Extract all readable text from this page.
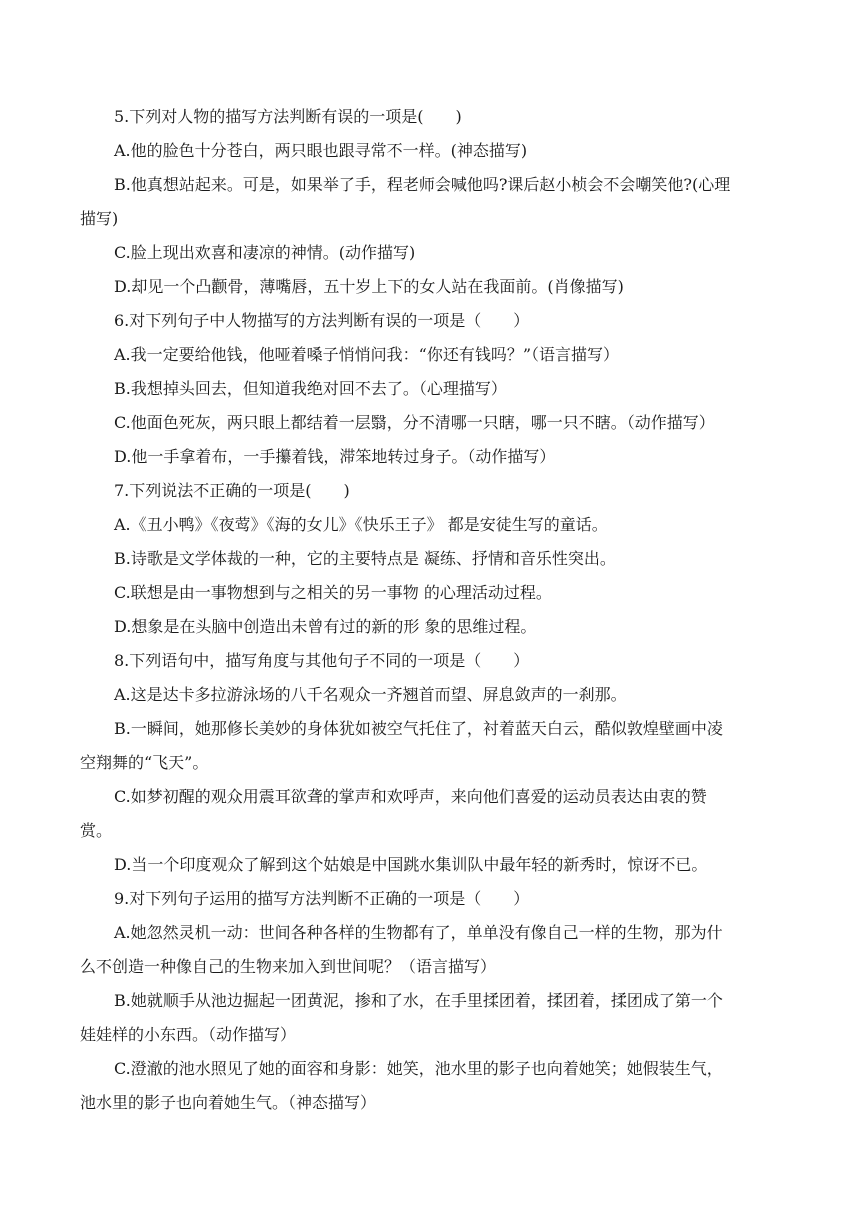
5.下列对人物的描写方法判断有误的一项是(　　)
A.他的脸色十分苍白，两只眼也跟寻常不一样。(神态描写)
B.他真想站起来。可是，如果举了手，程老师会喊他吗?课后赵小桢会不会嘲笑他?(心理
描写)
C.脸上现出欢喜和凄凉的神情。(动作描写)
D.却见一个凸颧骨，薄嘴唇，五十岁上下的女人站在我面前。(肖像描写)
6.对下列句子中人物描写的方法判断有误的一项是（　　）
A.我一定要给他钱，他哑着嗓子悄悄问我：“你还有钱吗？”（语言描写）
B.我想掉头回去，但知道我绝对回不去了。（心理描写）
C.他面色死灰，两只眼上都结着一层翳，分不清哪一只瞎，哪一只不瞎。（动作描写）
D.他一手拿着布，一手攥着钱，滞笨地转过身子。（动作描写）
7.下列说法不正确的一项是(　　)
A.《丑小鸭》《夜莺》《海的女儿》《快乐王子》 都是安徒生写的童话。
B.诗歌是文学体裁的一种，它的主要特点是 凝练、抒情和音乐性突出。
C.联想是由一事物想到与之相关的另一事物 的心理活动过程。
D.想象是在头脑中创造出未曾有过的新的形 象的思维过程。
8.下列语句中，描写角度与其他句子不同的一项是（　　）
A.这是达卡多拉游泳场的八千名观众一齐翘首而望、屏息敛声的一刹那。
B.一瞬间，她那修长美妙的身体犹如被空气托住了，衬着蓝天白云，酷似敦煌壁画中凌
空翔舞的“飞天”。
C.如梦初醒的观众用震耳欲聋的掌声和欢呼声，来向他们喜爱的运动员表达由衷的赞
赏。
D.当一个印度观众了解到这个姑娘是中国跳水集训队中最年轻的新秀时，惊讶不已。
9.对下列句子运用的描写方法判断不正确的一项是（　　）
A.她忽然灵机一动：世间各种各样的生物都有了，单单没有像自己一样的生物，那为什
么不创造一种像自己的生物来加入到世间呢？（语言描写）
B.她就顺手从池边掘起一团黄泥，掺和了水，在手里揉团着，揉团着，揉团成了第一个
娃娃样的小东西。（动作描写）
C.澄澈的池水照见了她的面容和身影：她笑，池水里的影子也向着她笑；她假装生气，
池水里的影子也向着她生气。（神态描写）
